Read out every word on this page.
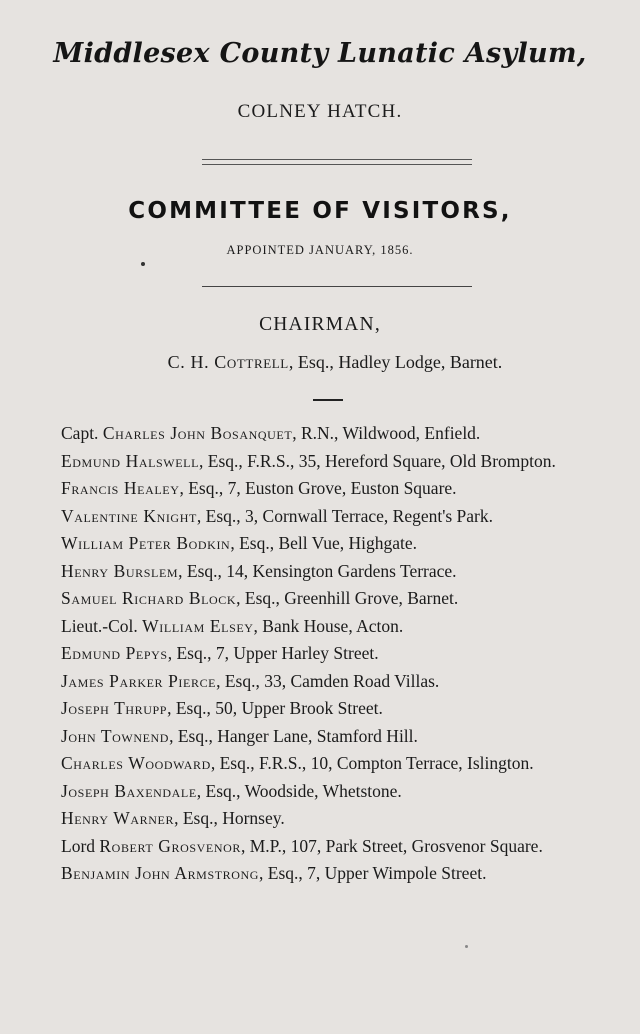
Middlesex County Lunatic Asylum,
COLNEY HATCH.
COMMITTEE OF VISITORS,
APPOINTED JANUARY, 1856.
CHAIRMAN,
C. H. Cottrell, Esq., Hadley Lodge, Barnet.
Capt. Charles John Bosanquet, R.N., Wildwood, Enfield.
Edmund Halswell, Esq., F.R.S., 35, Hereford Square, Old Brompton.
Francis Healey, Esq., 7, Euston Grove, Euston Square.
Valentine Knight, Esq., 3, Cornwall Terrace, Regent's Park.
William Peter Bodkin, Esq., Bell Vue, Highgate.
Henry Burslem, Esq., 14, Kensington Gardens Terrace.
Samuel Richard Block, Esq., Greenhill Grove, Barnet.
Lieut.-Col. William Elsey, Bank House, Acton.
Edmund Pepys, Esq., 7, Upper Harley Street.
James Parker Pierce, Esq., 33, Camden Road Villas.
Joseph Thrupp, Esq., 50, Upper Brook Street.
John Townend, Esq., Hanger Lane, Stamford Hill.
Charles Woodward, Esq., F.R.S., 10, Compton Terrace, Islington.
Joseph Baxendale, Esq., Woodside, Whetstone.
Henry Warner, Esq., Hornsey.
Lord Robert Grosvenor, M.P., 107, Park Street, Grosvenor Square.
Benjamin John Armstrong, Esq., 7, Upper Wimpole Street.
